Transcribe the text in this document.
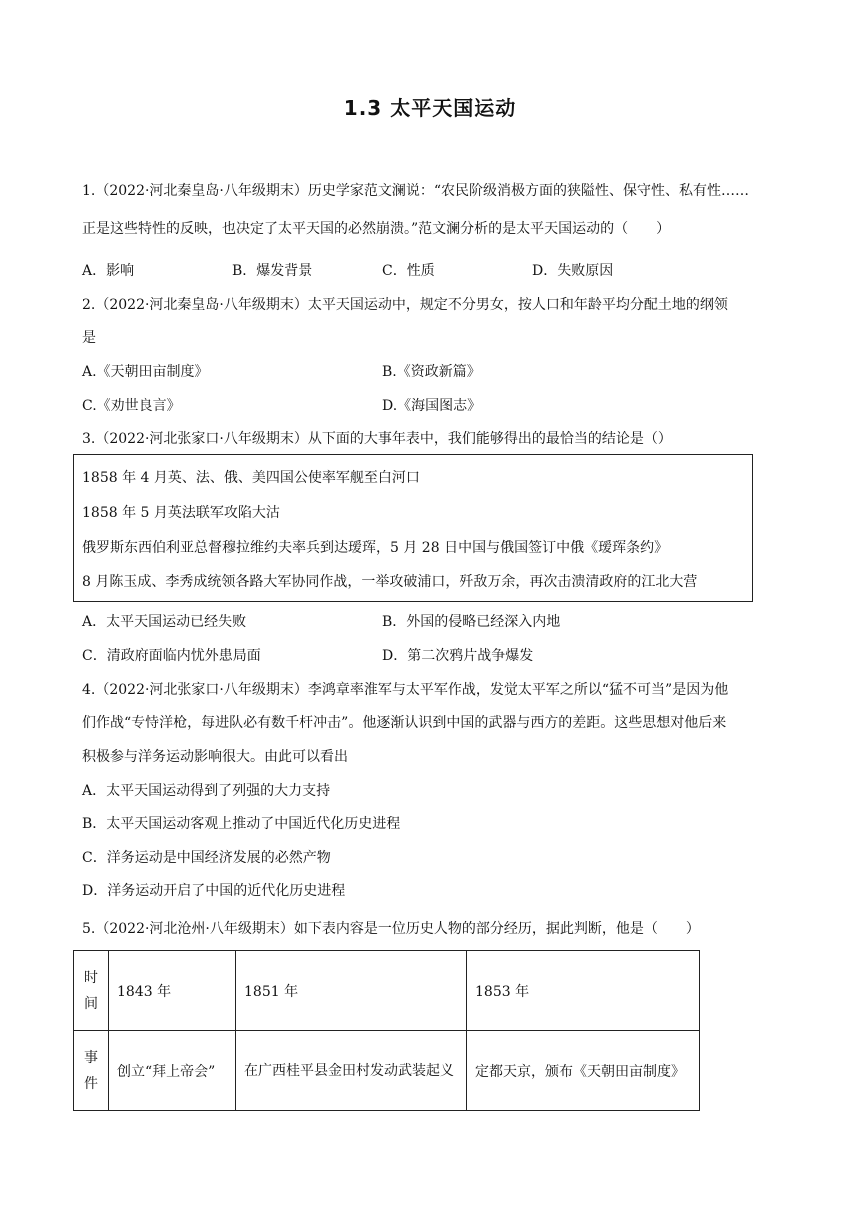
1.3 太平天国运动
1.（2022·河北秦皇岛·八年级期末）历史学家范文澜说：“农民阶级消极方面的狭隘性、保守性、私有性……
正是这些特性的反映，也决定了太平天国的必然崩溃。”范文澜分析的是太平天国运动的（　　）
A．影响	B．爆发背景	C．性质	D．失败原因
2.（2022·河北秦皇岛·八年级期末）太平天国运动中，规定不分男女，按人口和年龄平均分配土地的纲领
是
A.《天朝田亩制度》	B.《资政新篇》
C.《劝世良言》	D.《海国图志》
3.（2022·河北张家口·八年级期末）从下面的大事年表中，我们能够得出的最恰当的结论是（）
1858 年 4 月英、法、俄、美四国公使率军舰至白河口
1858 年 5 月英法联军攻陷大沽
俄罗斯东西伯利亚总督穆拉维约夫率兵到达瑷珲，5 月 28 日中国与俄国签订中俄《瑷珲条约》
8 月陈玉成、李秀成统领各路大军协同作战，一举攻破浦口，歼敌万余，再次击溃清政府的江北大营
A．太平天国运动已经失败	B．外国的侵略已经深入内地
C．清政府面临内忧外患局面	D．第二次鸦片战争爆发
4.（2022·河北张家口·八年级期末）李鸿章率淮军与太平军作战，发觉太平军之所以“猛不可当”是因为他
们作战“专恃洋枪，每进队必有数千杆冲击”。他逐渐认识到中国的武器与西方的差距。这些思想对他后来
积极参与洋务运动影响很大。由此可以看出
A．太平天国运动得到了列强的大力支持
B．太平天国运动客观上推动了中国近代化历史进程
C．洋务运动是中国经济发展的必然产物
D．洋务运动开启了中国的近代化历史进程
5.（2022·河北沧州·八年级期末）如下表内容是一位历史人物的部分经历，据此判断，他是（　　）
时间	1843 年	1851 年	1853 年
事件	创立“拜上帝会”	在广西桂平县金田村发动武装起义	定都天京，颁布《天朝田亩制度》
